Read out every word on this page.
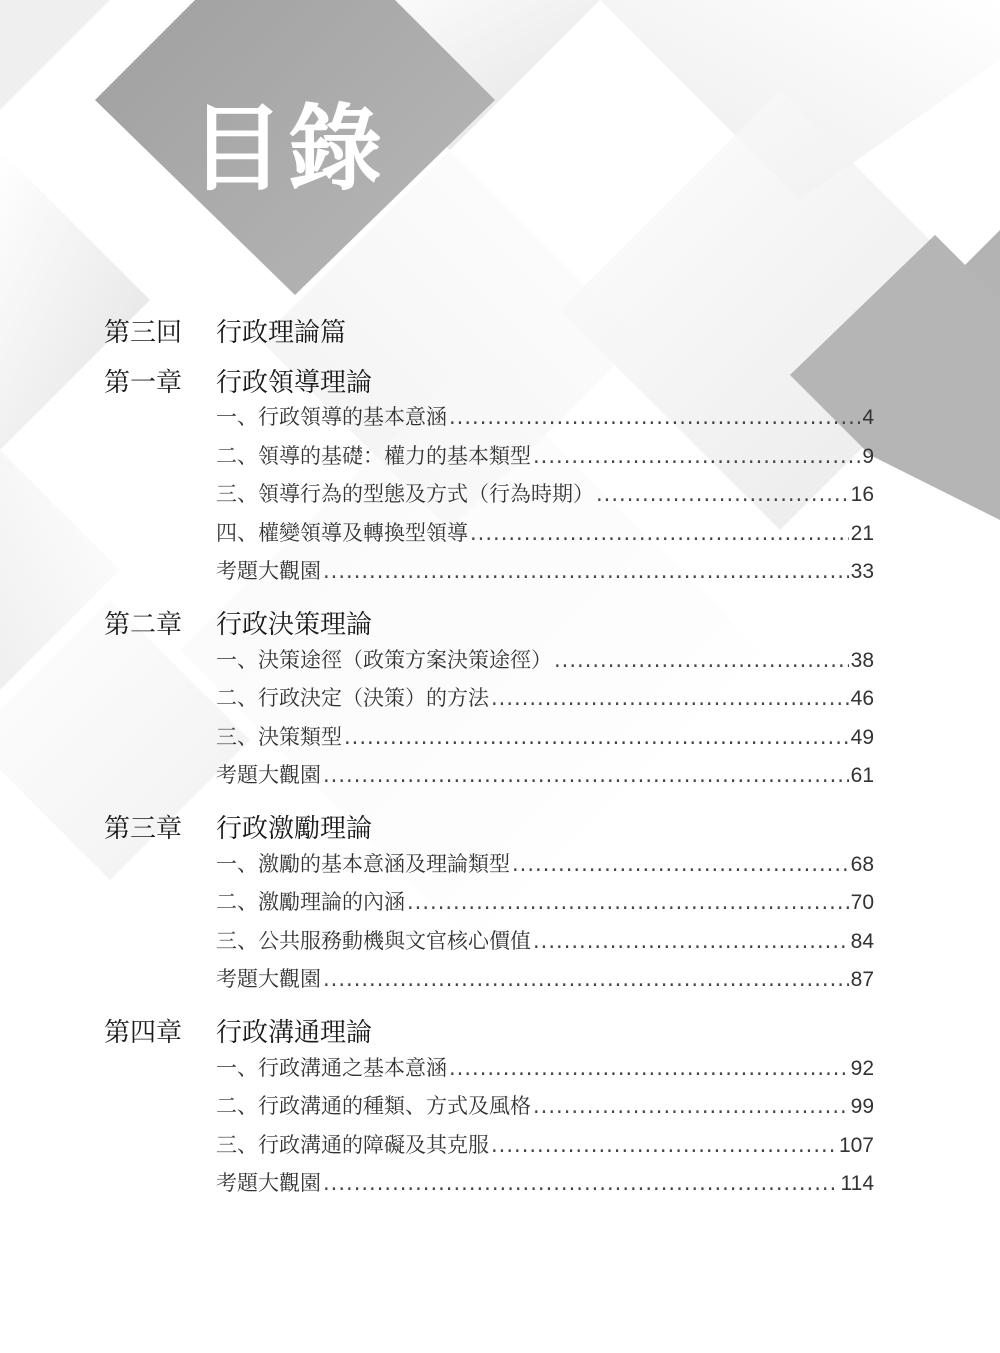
目錄
第三回	行政理論篇
第一章	行政領導理論
一、行政領導的基本意涵 .....	4
二、領導的基礎：權力的基本類型 .....	9
三、領導行為的型態及方式（行為時期） .....	16
四、權變領導及轉換型領導 .....	21
考題大觀園 .....	33
第二章	行政決策理論
一、決策途徑（政策方案決策途徑） .....	38
二、行政決定（決策）的方法 .....	46
三、決策類型 .....	49
考題大觀園 .....	61
第三章	行政激勵理論
一、激勵的基本意涵及理論類型 .....	68
二、激勵理論的內涵 .....	70
三、公共服務動機與文官核心價值 .....	84
考題大觀園 .....	87
第四章	行政溝通理論
一、行政溝通之基本意涵 .....	92
二、行政溝通的種類、方式及風格 .....	99
三、行政溝通的障礙及其克服 .....	107
考題大觀園 .....	114
